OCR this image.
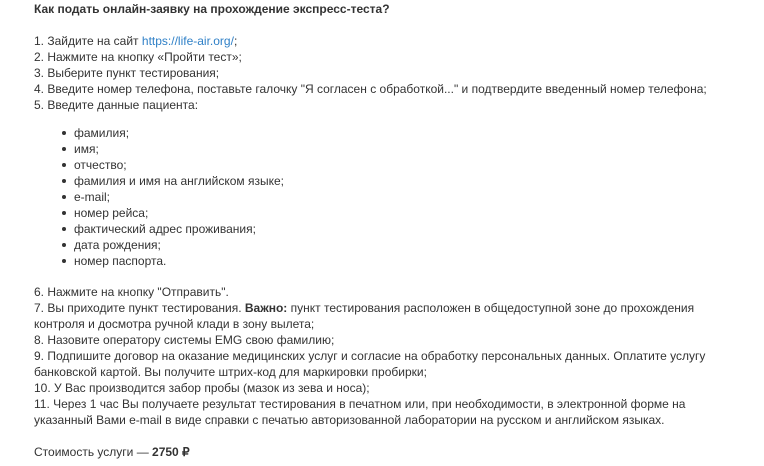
Как подать онлайн-заявку на прохождение экспресс-теста?
1. Зайдите на сайт https://life-air.org/;
2. Нажмите на кнопку «Пройти тест»;
3. Выберите пункт тестирования;
4. Введите номер телефона, поставьте галочку "Я согласен с обработкой..." и подтвердите введенный номер телефона;
5. Введите данные пациента:
фамилия;
имя;
отчество;
фамилия и имя на английском языке;
e-mail;
номер рейса;
фактический адрес проживания;
дата рождения;
номер паспорта.
6. Нажмите на кнопку "Отправить".
7. Вы приходите пункт тестирования. Важно: пункт тестирования расположен в общедоступной зоне до прохождения
контроля и досмотра ручной клади в зону вылета;
8. Назовите оператору системы EMG свою фамилию;
9. Подпишите договор на оказание медицинских услуг и согласие на обработку персональных данных. Оплатите услугу
банковской картой. Вы получите штрих-код для маркировки пробирки;
10. У Вас производится забор пробы (мазок из зева и носа);
11. Через 1 час Вы получаете результат тестирования в печатном или, при необходимости, в электронной форме на
указанный Вами e-mail в виде справки с печатью авторизованной лаборатории на русском и английском языках.
Стоимость услуги — 2750 ₽
